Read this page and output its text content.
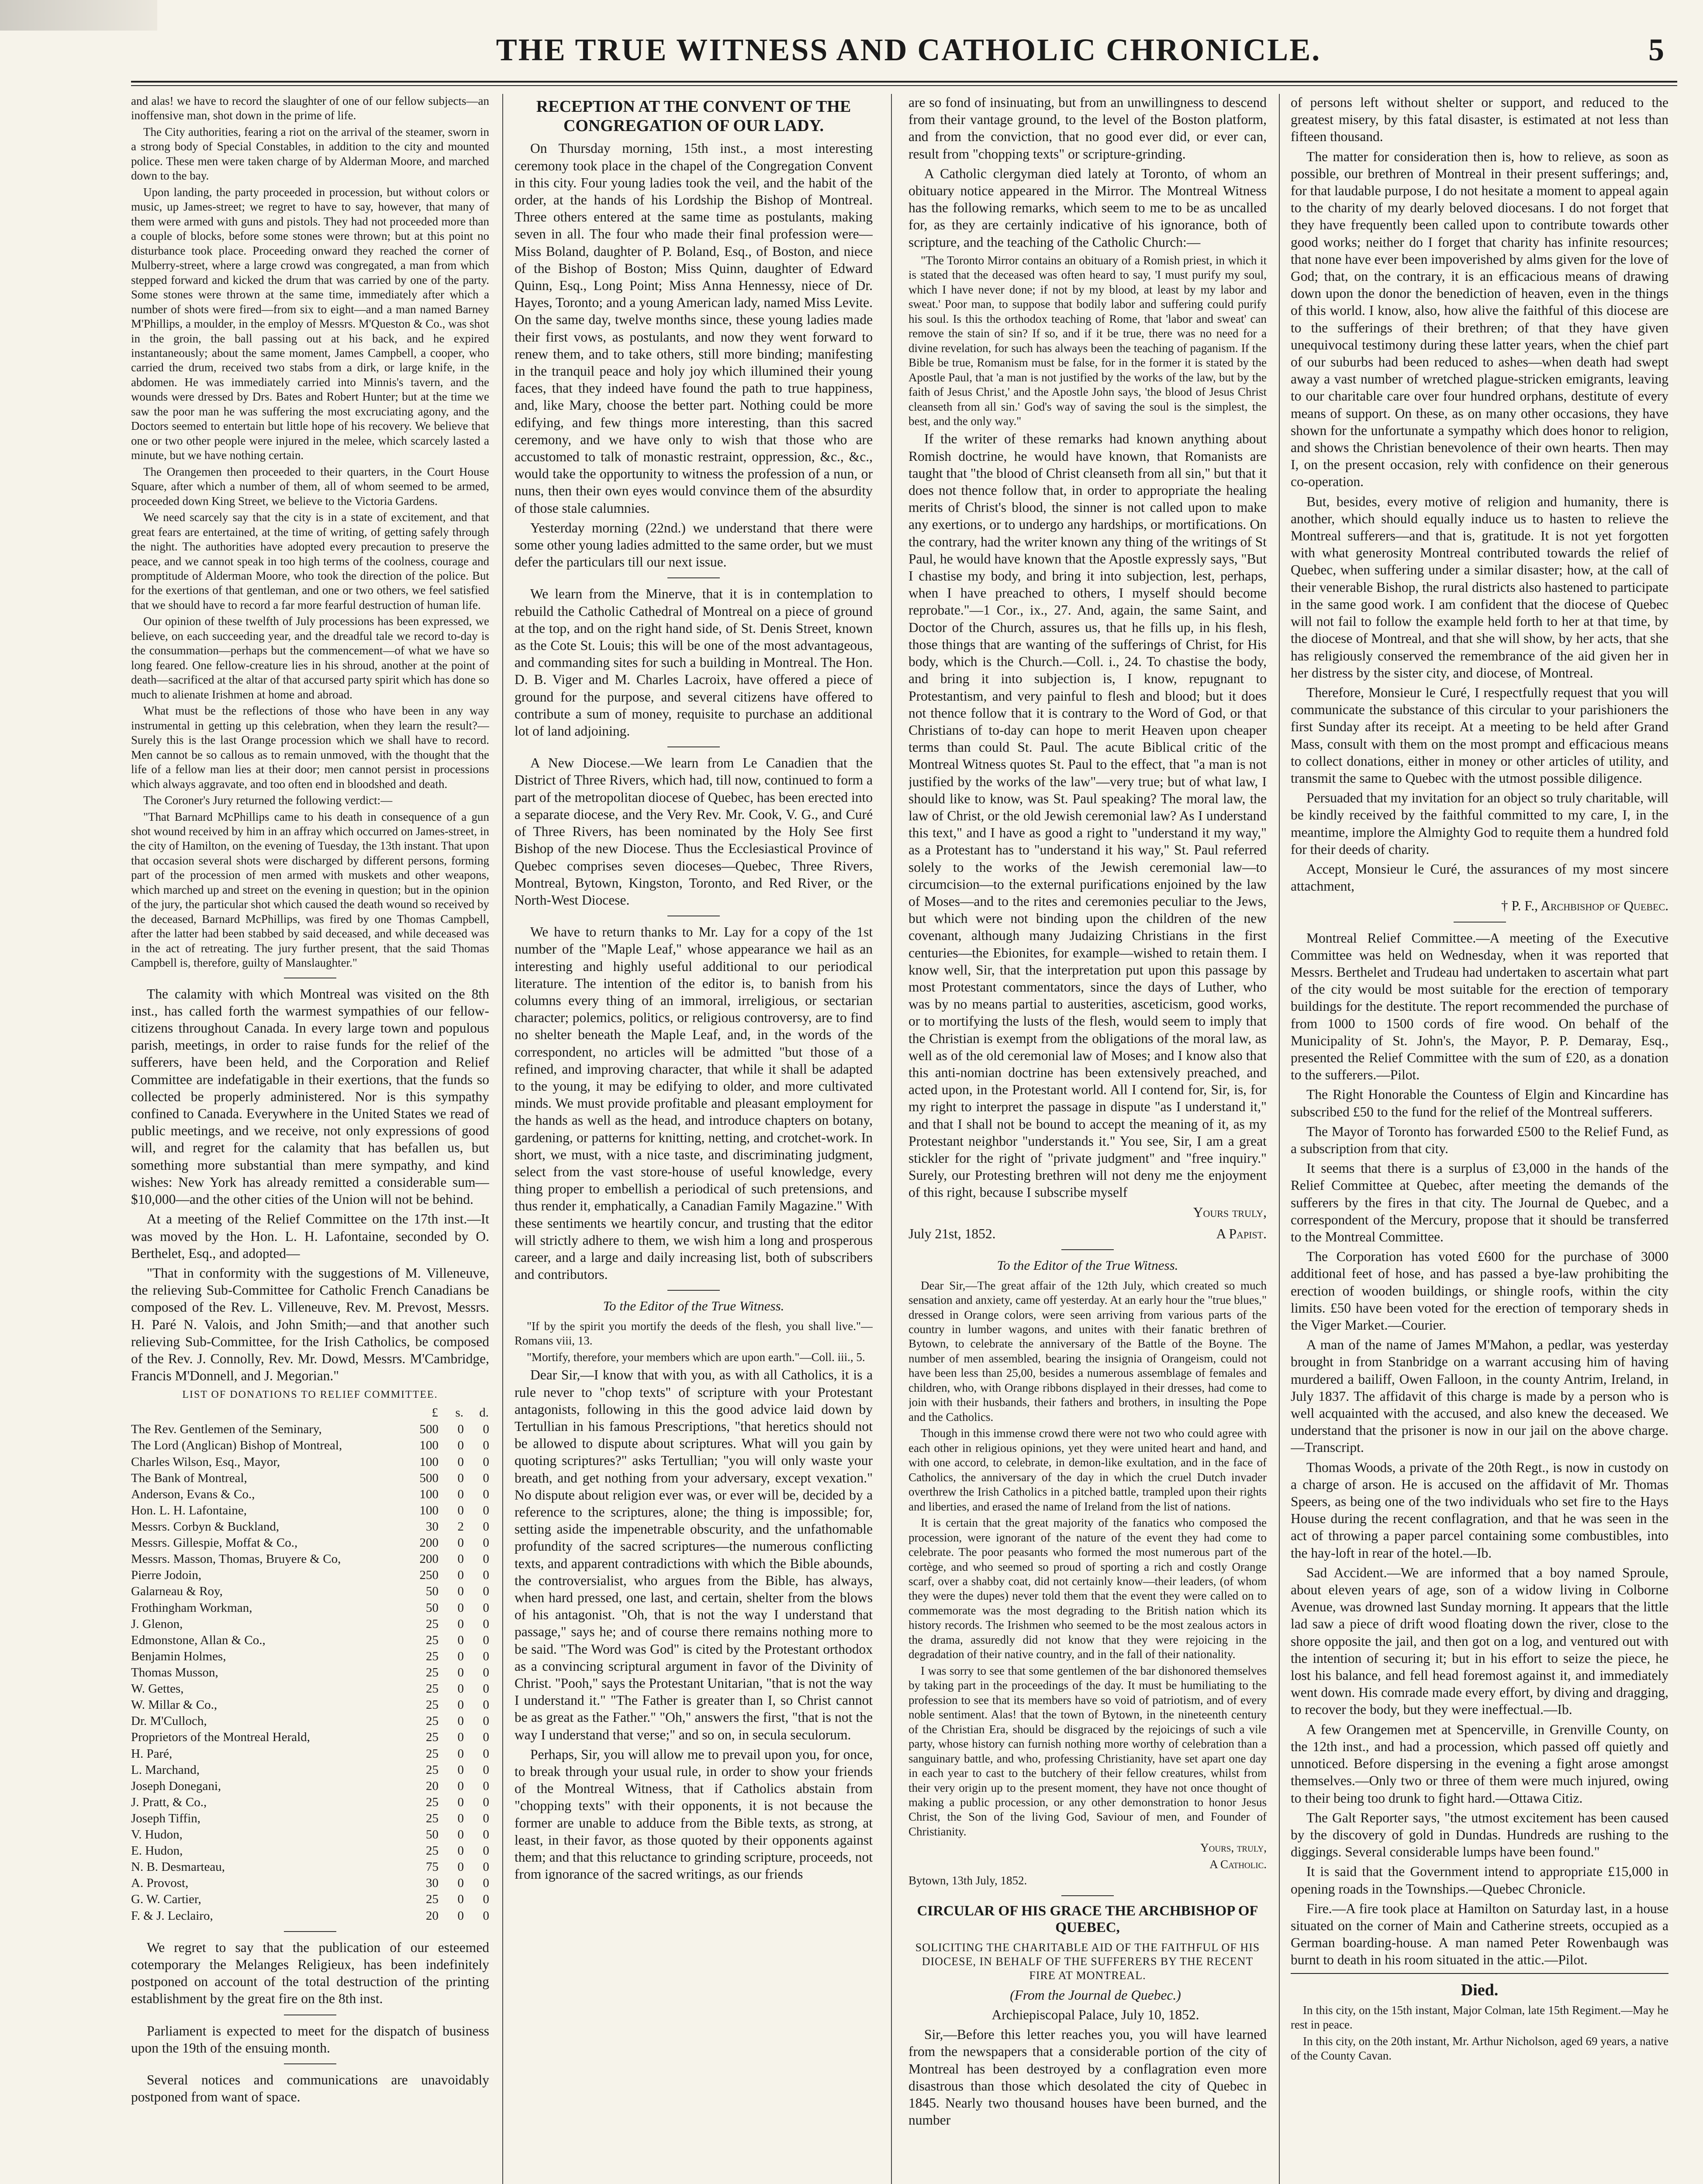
THE TRUE WITNESS AND CATHOLIC CHRONICLE.	5

and alas! we have to record the slaughter of one of our fellow subjects—an inoffensive man, shot down in the prime of life.

The City authorities, fearing a riot on the arrival of the steamer, sworn in a strong body of Special Constables, in addition to the city and mounted police. These men were taken charge of by Alderman Moore, and marched down to the bay.

Upon landing, the party proceeded in procession, but without colors or music, up James-street; we regret to have to say, however, that many of them were armed with guns and pistols. They had not proceeded more than a couple of blocks, before some stones were thrown; but at this point no disturbance took place. Proceeding onward they reached the corner of Mulberry-street, where a large crowd was congregated, a man from which stepped forward and kicked the drum that was carried by one of the party. Some stones were thrown at the same time, immediately after which a number of shots were fired—from six to eight—and a man named Barney M'Phillips, a moulder, in the employ of Messrs. M'Queston & Co., was shot in the groin, the ball passing out at his back, and he expired instantaneously; about the same moment, James Campbell, a cooper, who carried the drum, received two stabs from a dirk, or large knife, in the abdomen. He was immediately carried into Minnis's tavern, and the wounds were dressed by Drs. Bates and Robert Hunter; but at the time we saw the poor man he was suffering the most excruciating agony, and the Doctors seemed to entertain but little hope of his recovery. We believe that one or two other people were injured in the melee, which scarcely lasted a minute, but we have nothing certain.

The Orangemen then proceeded to their quarters, in the Court House Square, after which a number of them, all of whom seemed to be armed, proceeded down King Street, we believe to the Victoria Gardens.

We need scarcely say that the city is in a state of excitement, and that great fears are entertained, at the time of writing, of getting safely through the night. The authorities have adopted every precaution to preserve the peace, and we cannot speak in too high terms of the coolness, courage and promptitude of Alderman Moore, who took the direction of the police. But for the exertions of that gentleman, and one or two others, we feel satisfied that we should have to record a far more fearful destruction of human life.

Our opinion of these twelfth of July processions has been expressed, we believe, on each succeeding year, and the dreadful tale we record to-day is the consummation—perhaps but the commencement—of what we have so long feared. One fellow-creature lies in his shroud, another at the point of death—sacrificed at the altar of that accursed party spirit which has done so much to alienate Irishmen at home and abroad.

What must be the reflections of those who have been in any way instrumental in getting up this celebration, when they learn the result?—Surely this is the last Orange procession which we shall have to record. Men cannot be so callous as to remain unmoved, with the thought that the life of a fellow man lies at their door; men cannot persist in processions which always aggravate, and too often end in bloodshed and death.

The Coroner's Jury returned the following verdict:—

"That Barnard McPhillips came to his death in consequence of a gun shot wound received by him in an affray which occurred on James-street, in the city of Hamilton, on the evening of Tuesday, the 13th instant. That upon that occasion several shots were discharged by different persons, forming part of the procession of men armed with muskets and other weapons, which marched up and street on the evening in question; but in the opinion of the jury, the particular shot which caused the death wound so received by the deceased, Barnard McPhillips, was fired by one Thomas Campbell, after the latter had been stabbed by said deceased, and while deceased was in the act of retreating. The jury further present, that the said Thomas Campbell is, therefore, guilty of Manslaughter."

The calamity with which Montreal was visited on the 8th inst., has called forth the warmest sympathies of our fellow-citizens throughout Canada. In every large town and populous parish, meetings, in order to raise funds for the relief of the sufferers, have been held, and the Corporation and Relief Committee are indefatigable in their exertions, that the funds so collected be properly administered. Nor is this sympathy confined to Canada. Everywhere in the United States we read of public meetings, and we receive, not only expressions of good will, and regret for the calamity that has befallen us, but something more substantial than mere sympathy, and kind wishes: New York has already remitted a considerable sum—$10,000—and the other cities of the Union will not be behind.

At a meeting of the Relief Committee on the 17th inst.—It was moved by the Hon. L. H. Lafontaine, seconded by O. Berthelet, Esq., and adopted—

"That in conformity with the suggestions of M. Villeneuve, the relieving Sub-Committee for Catholic French Canadians be composed of the Rev. L. Villeneuve, Rev. M. Prevost, Messrs. H. Paré N. Valois, and John Smith;—and that another such relieving Sub-Committee, for the Irish Catholics, be composed of the Rev. J. Connolly, Rev. Mr. Dowd, Messrs. M'Cambridge, Francis M'Donnell, and J. Megorian."

LIST OF DONATIONS TO RELIEF COMMITTEE.
	£	s.	d.
The Rev. Gentlemen of the Seminary,	500	0	0
The Lord (Anglican) Bishop of Montreal,	100	0	0
Charles Wilson, Esq., Mayor,	100	0	0
The Bank of Montreal,	500	0	0
Anderson, Evans & Co.,	100	0	0
Hon. L. H. Lafontaine,	100	0	0
Messrs. Corbyn & Buckland,	30	2	0
Messrs. Gillespie, Moffat & Co.,	200	0	0
Messrs. Masson, Thomas, Bruyere & Co,	200	0	0
Pierre Jodoin,	250	0	0
Galarneau & Roy,	50	0	0
Frothingham Workman,	50	0	0
J. Glenon,	25	0	0
Edmonstone, Allan & Co.,	25	0	0
Benjamin Holmes,	25	0	0
Thomas Musson,	25	0	0
W. Gettes,	25	0	0
W. Millar & Co.,	25	0	0
Dr. M'Culloch,	25	0	0
Proprietors of the Montreal Herald,	25	0	0
H. Paré,	25	0	0
L. Marchand,	25	0	0
Joseph Donegani,	20	0	0
J. Pratt, & Co.,	25	0	0
Joseph Tiffin,	25	0	0
V. Hudon,	50	0	0
E. Hudon,	25	0	0
N. B. Desmarteau,	75	0	0
A. Provost,	30	0	0
G. W. Cartier,	25	0	0
F. & J. Leclairo,	20	0	0

We regret to say that the publication of our esteemed cotemporary the Melanges Religieux, has been indefinitely postponed on account of the total destruction of the printing establishment by the great fire on the 8th inst.

Parliament is expected to meet for the dispatch of business upon the 19th of the ensuing month.

Several notices and communications are unavoidably postponed from want of space.

RECEPTION AT THE CONVENT OF THE CONGREGATION OF OUR LADY.

On Thursday morning, 15th inst., a most interesting ceremony took place in the chapel of the Congregation Convent in this city. Four young ladies took the veil, and the habit of the order, at the hands of his Lordship the Bishop of Montreal. Three others entered at the same time as postulants, making seven in all. The four who made their final profession were—Miss Boland, daughter of P. Boland, Esq., of Boston, and niece of the Bishop of Boston; Miss Quinn, daughter of Edward Quinn, Esq., Long Point; Miss Anna Hennessy, niece of Dr. Hayes, Toronto; and a young American lady, named Miss Levite. On the same day, twelve months since, these young ladies made their first vows, as postulants, and now they went forward to renew them, and to take others, still more binding; manifesting in the tranquil peace and holy joy which illumined their young faces, that they indeed have found the path to true happiness, and, like Mary, choose the better part. Nothing could be more edifying, and few things more interesting, than this sacred ceremony, and we have only to wish that those who are accustomed to talk of monastic restraint, oppression, &c., &c., would take the opportunity to witness the profession of a nun, or nuns, then their own eyes would convince them of the absurdity of those stale calumnies.

Yesterday morning (22nd.) we understand that there were some other young ladies admitted to the same order, but we must defer the particulars till our next issue.

We learn from the Minerve, that it is in contemplation to rebuild the Catholic Cathedral of Montreal on a piece of ground at the top, and on the right hand side, of St. Denis Street, known as the Cote St. Louis; this will be one of the most advantageous, and commanding sites for such a building in Montreal. The Hon. D. B. Viger and M. Charles Lacroix, have offered a piece of ground for the purpose, and several citizens have offered to contribute a sum of money, requisite to purchase an additional lot of land adjoining.

A New Diocese.—We learn from Le Canadien that the District of Three Rivers, which had, till now, continued to form a part of the metropolitan diocese of Quebec, has been erected into a separate diocese, and the Very Rev. Mr. Cook, V. G., and Curé of Three Rivers, has been nominated by the Holy See first Bishop of the new Diocese. Thus the Ecclesiastical Province of Quebec comprises seven dioceses—Quebec, Three Rivers, Montreal, Bytown, Kingston, Toronto, and Red River, or the North-West Diocese.

We have to return thanks to Mr. Lay for a copy of the 1st number of the "Maple Leaf," whose appearance we hail as an interesting and highly useful additional to our periodical literature. The intention of the editor is, to banish from his columns every thing of an immoral, irreligious, or sectarian character; polemics, politics, or religious controversy, are to find no shelter beneath the Maple Leaf, and, in the words of the correspondent, no articles will be admitted "but those of a refined, and improving character, that while it shall be adapted to the young, it may be edifying to older, and more cultivated minds. We must provide profitable and pleasant employment for the hands as well as the head, and introduce chapters on botany, gardening, or patterns for knitting, netting, and crotchet-work. In short, we must, with a nice taste, and discriminating judgment, select from the vast store-house of useful knowledge, every thing proper to embellish a periodical of such pretensions, and thus render it, emphatically, a Canadian Family Magazine." With these sentiments we heartily concur, and trusting that the editor will strictly adhere to them, we wish him a long and prosperous career, and a large and daily increasing list, both of subscribers and contributors.

To the Editor of the True Witness.

"If by the spirit you mortify the deeds of the flesh, you shall live."—Romans viii, 13.

"Mortify, therefore, your members which are upon earth."—Coll. iii., 5.

Dear Sir,—I know that with you, as with all Catholics, it is a rule never to "chop texts" of scripture with your Protestant antagonists, following in this the good advice laid down by Tertullian in his famous Prescriptions, "that heretics should not be allowed to dispute about scriptures. What will you gain by quoting scriptures?" asks Tertullian; "you will only waste your breath, and get nothing from your adversary, except vexation." No dispute about religion ever was, or ever will be, decided by a reference to the scriptures, alone; the thing is impossible; for, setting aside the impenetrable obscurity, and the unfathomable profundity of the sacred scriptures—the numerous conflicting texts, and apparent contradictions with which the Bible abounds, the controversialist, who argues from the Bible, has always, when hard pressed, one last, and certain, shelter from the blows of his antagonist. "Oh, that is not the way I understand that passage," says he; and of course there remains nothing more to be said. "The Word was God" is cited by the Protestant orthodox as a convincing scriptural argument in favor of the Divinity of Christ. "Pooh," says the Protestant Unitarian, "that is not the way I understand it." "The Father is greater than I, so Christ cannot be as great as the Father." "Oh," answers the first, "that is not the way I understand that verse;" and so on, in secula seculorum.

Perhaps, Sir, you will allow me to prevail upon you, for once, to break through your usual rule, in order to show your friends of the Montreal Witness, that if Catholics abstain from "chopping texts" with their opponents, it is not because the former are unable to adduce from the Bible texts, as strong, at least, in their favor, as those quoted by their opponents against them; and that this reluctance to grinding scripture, proceeds, not from ignorance of the sacred writings, as our friends

are so fond of insinuating, but from an unwillingness to descend from their vantage ground, to the level of the Boston platform, and from the conviction, that no good ever did, or ever can, result from "chopping texts" or scripture-grinding.

A Catholic clergyman died lately at Toronto, of whom an obituary notice appeared in the Mirror. The Montreal Witness has the following remarks, which seem to me to be as uncalled for, as they are certainly indicative of his ignorance, both of scripture, and the teaching of the Catholic Church:—

"The Toronto Mirror contains an obituary of a Romish priest, in which it is stated that the deceased was often heard to say, 'I must purify my soul, which I have never done; if not by my blood, at least by my labor and sweat.' Poor man, to suppose that bodily labor and suffering could purify his soul. Is this the orthodox teaching of Rome, that 'labor and sweat' can remove the stain of sin? If so, and if it be true, there was no need for a divine revelation, for such has always been the teaching of paganism. If the Bible be true, Romanism must be false, for in the former it is stated by the Apostle Paul, that 'a man is not justified by the works of the law, but by the faith of Jesus Christ,' and the Apostle John says, 'the blood of Jesus Christ cleanseth from all sin.' God's way of saving the soul is the simplest, the best, and the only way."

If the writer of these remarks had known anything about Romish doctrine, he would have known, that Romanists are taught that "the blood of Christ cleanseth from all sin," but that it does not thence follow that, in order to appropriate the healing merits of Christ's blood, the sinner is not called upon to make any exertions, or to undergo any hardships, or mortifications. On the contrary, had the writer known any thing of the writings of St Paul, he would have known that the Apostle expressly says, "But I chastise my body, and bring it into subjection, lest, perhaps, when I have preached to others, I myself should become reprobate."—1 Cor., ix., 27. And, again, the same Saint, and Doctor of the Church, assures us, that he fills up, in his flesh, those things that are wanting of the sufferings of Christ, for His body, which is the Church.—Coll. i., 24. To chastise the body, and bring it into subjection is, I know, repugnant to Protestantism, and very painful to flesh and blood; but it does not thence follow that it is contrary to the Word of God, or that Christians of to-day can hope to merit Heaven upon cheaper terms than could St. Paul. The acute Biblical critic of the Montreal Witness quotes St. Paul to the effect, that "a man is not justified by the works of the law"—very true; but of what law, I should like to know, was St. Paul speaking? The moral law, the law of Christ, or the old Jewish ceremonial law? As I understand this text," and I have as good a right to "understand it my way," as a Protestant has to "understand it his way," St. Paul referred solely to the works of the Jewish ceremonial law—to circumcision—to the external purifications enjoined by the law of Moses—and to the rites and ceremonies peculiar to the Jews, but which were not binding upon the children of the new covenant, although many Judaizing Christians in the first centuries—the Ebionites, for example—wished to retain them. I know well, Sir, that the interpretation put upon this passage by most Protestant commentators, since the days of Luther, who was by no means partial to austerities, asceticism, good works, or to mortifying the lusts of the flesh, would seem to imply that the Christian is exempt from the obligations of the moral law, as well as of the old ceremonial law of Moses; and I know also that this anti-nomian doctrine has been extensively preached, and acted upon, in the Protestant world. All I contend for, Sir, is, for my right to interpret the passage in dispute "as I understand it," and that I shall not be bound to accept the meaning of it, as my Protestant neighbor "understands it." You see, Sir, I am a great stickler for the right of "private judgment" and "free inquiry." Surely, our Protesting brethren will not deny me the enjoyment of this right, because I subscribe myself

Yours truly,

July 21st, 1852.	A Papist.
To the Editor of the True Witness.

Dear Sir,—The great affair of the 12th July, which created so much sensation and anxiety, came off yesterday. At an early hour the "true blues," dressed in Orange colors, were seen arriving from various parts of the country in lumber wagons, and unites with their fanatic brethren of Bytown, to celebrate the anniversary of the Battle of the Boyne. The number of men assembled, bearing the insignia of Orangeism, could not have been less than 25,00, besides a numerous assemblage of females and children, who, with Orange ribbons displayed in their dresses, had come to join with their husbands, their fathers and brothers, in insulting the Pope and the Catholics.

Though in this immense crowd there were not two who could agree with each other in religious opinions, yet they were united heart and hand, and with one accord, to celebrate, in demon-like exultation, and in the face of Catholics, the anniversary of the day in which the cruel Dutch invader overthrew the Irish Catholics in a pitched battle, trampled upon their rights and liberties, and erased the name of Ireland from the list of nations.

It is certain that the great majority of the fanatics who composed the procession, were ignorant of the nature of the event they had come to celebrate. The poor peasants who formed the most numerous part of the cortège, and who seemed so proud of sporting a rich and costly Orange scarf, over a shabby coat, did not certainly know—their leaders, (of whom they were the dupes) never told them that the event they were called on to commemorate was the most degrading to the British nation which its history records. The Irishmen who seemed to be the most zealous actors in the drama, assuredly did not know that they were rejoicing in the degradation of their native country, and in the fall of their nationality.

I was sorry to see that some gentlemen of the bar dishonored themselves by taking part in the proceedings of the day. It must be humiliating to the profession to see that its members have so void of patriotism, and of every noble sentiment. Alas! that the town of Bytown, in the nineteenth century of the Christian Era, should be disgraced by the rejoicings of such a vile party, whose history can furnish nothing more worthy of celebration than a sanguinary battle, and who, professing Christianity, have set apart one day in each year to cast to the butchery of their fellow creatures, whilst from their very origin up to the present moment, they have not once thought of making a public procession, or any other demonstration to honor Jesus Christ, the Son of the living God, Saviour of men, and Founder of Christianity.

Yours, truly,

A Catholic.

Bytown, 13th July, 1852.

CIRCULAR OF HIS GRACE THE ARCHBISHOP OF QUEBEC,
SOLICITING THE CHARITABLE AID OF THE FAITHFUL OF HIS DIOCESE, IN BEHALF OF THE SUFFERERS BY THE RECENT FIRE AT MONTREAL.

(From the Journal de Quebec.)

Archiepiscopal Palace, July 10, 1852.

Sir,—Before this letter reaches you, you will have learned from the newspapers that a considerable portion of the city of Montreal has been destroyed by a conflagration even more disastrous than those which desolated the city of Quebec in 1845. Nearly two thousand houses have been burned, and the number

of persons left without shelter or support, and reduced to the greatest misery, by this fatal disaster, is estimated at not less than fifteen thousand.

The matter for consideration then is, how to relieve, as soon as possible, our brethren of Montreal in their present sufferings; and, for that laudable purpose, I do not hesitate a moment to appeal again to the charity of my dearly beloved diocesans. I do not forget that they have frequently been called upon to contribute towards other good works; neither do I forget that charity has infinite resources; that none have ever been impoverished by alms given for the love of God; that, on the contrary, it is an efficacious means of drawing down upon the donor the benediction of heaven, even in the things of this world. I know, also, how alive the faithful of this diocese are to the sufferings of their brethren; of that they have given unequivocal testimony during these latter years, when the chief part of our suburbs had been reduced to ashes—when death had swept away a vast number of wretched plague-stricken emigrants, leaving to our charitable care over four hundred orphans, destitute of every means of support. On these, as on many other occasions, they have shown for the unfortunate a sympathy which does honor to religion, and shows the Christian benevolence of their own hearts. Then may I, on the present occasion, rely with confidence on their generous co-operation.

But, besides, every motive of religion and humanity, there is another, which should equally induce us to hasten to relieve the Montreal sufferers—and that is, gratitude. It is not yet forgotten with what generosity Montreal contributed towards the relief of Quebec, when suffering under a similar disaster; how, at the call of their venerable Bishop, the rural districts also hastened to participate in the same good work. I am confident that the diocese of Quebec will not fail to follow the example held forth to her at that time, by the diocese of Montreal, and that she will show, by her acts, that she has religiously conserved the remembrance of the aid given her in her distress by the sister city, and diocese, of Montreal.

Therefore, Monsieur le Curé, I respectfully request that you will communicate the substance of this circular to your parishioners the first Sunday after its receipt. At a meeting to be held after Grand Mass, consult with them on the most prompt and efficacious means to collect donations, either in money or other articles of utility, and transmit the same to Quebec with the utmost possible diligence.

Persuaded that my invitation for an object so truly charitable, will be kindly received by the faithful committed to my care, I, in the meantime, implore the Almighty God to requite them a hundred fold for their deeds of charity.

Accept, Monsieur le Curé, the assurances of my most sincere attachment,

† P. F., Archbishop of Quebec.

Montreal Relief Committee.—A meeting of the Executive Committee was held on Wednesday, when it was reported that Messrs. Berthelet and Trudeau had undertaken to ascertain what part of the city would be most suitable for the erection of temporary buildings for the destitute. The report recommended the purchase of from 1000 to 1500 cords of fire wood. On behalf of the Municipality of St. John's, the Mayor, P. P. Demaray, Esq., presented the Relief Committee with the sum of £20, as a donation to the sufferers.—Pilot.

The Right Honorable the Countess of Elgin and Kincardine has subscribed £50 to the fund for the relief of the Montreal sufferers.

The Mayor of Toronto has forwarded £500 to the Relief Fund, as a subscription from that city.

It seems that there is a surplus of £3,000 in the hands of the Relief Committee at Quebec, after meeting the demands of the sufferers by the fires in that city. The Journal de Quebec, and a correspondent of the Mercury, propose that it should be transferred to the Montreal Committee.

The Corporation has voted £600 for the purchase of 3000 additional feet of hose, and has passed a bye-law prohibiting the erection of wooden buildings, or shingle roofs, within the city limits. £50 have been voted for the erection of temporary sheds in the Viger Market.—Courier.

A man of the name of James M'Mahon, a pedlar, was yesterday brought in from Stanbridge on a warrant accusing him of having murdered a bailiff, Owen Falloon, in the county Antrim, Ireland, in July 1837. The affidavit of this charge is made by a person who is well acquainted with the accused, and also knew the deceased. We understand that the prisoner is now in our jail on the above charge.—Transcript.

Thomas Woods, a private of the 20th Regt., is now in custody on a charge of arson. He is accused on the affidavit of Mr. Thomas Speers, as being one of the two individuals who set fire to the Hays House during the recent conflagration, and that he was seen in the act of throwing a paper parcel containing some combustibles, into the hay-loft in rear of the hotel.—Ib.

Sad Accident.—We are informed that a boy named Sproule, about eleven years of age, son of a widow living in Colborne Avenue, was drowned last Sunday morning. It appears that the little lad saw a piece of drift wood floating down the river, close to the shore opposite the jail, and then got on a log, and ventured out with the intention of securing it; but in his effort to seize the piece, he lost his balance, and fell head foremost against it, and immediately went down. His comrade made every effort, by diving and dragging, to recover the body, but they were ineffectual.—Ib.

A few Orangemen met at Spencerville, in Grenville County, on the 12th inst., and had a procession, which passed off quietly and unnoticed. Before dispersing in the evening a fight arose amongst themselves.—Only two or three of them were much injured, owing to their being too drunk to fight hard.—Ottawa Citiz.

The Galt Reporter says, "the utmost excitement has been caused by the discovery of gold in Dundas. Hundreds are rushing to the diggings. Several considerable lumps have been found."

It is said that the Government intend to appropriate £15,000 in opening roads in the Townships.—Quebec Chronicle.

Fire.—A fire took place at Hamilton on Saturday last, in a house situated on the corner of Main and Catherine streets, occupied as a German boarding-house. A man named Peter Rowenbaugh was burnt to death in his room situated in the attic.—Pilot.

Died.

In this city, on the 15th instant, Major Colman, late 15th Regiment.—May he rest in peace.

In this city, on the 20th instant, Mr. Arthur Nicholson, aged 69 years, a native of the County Cavan.
